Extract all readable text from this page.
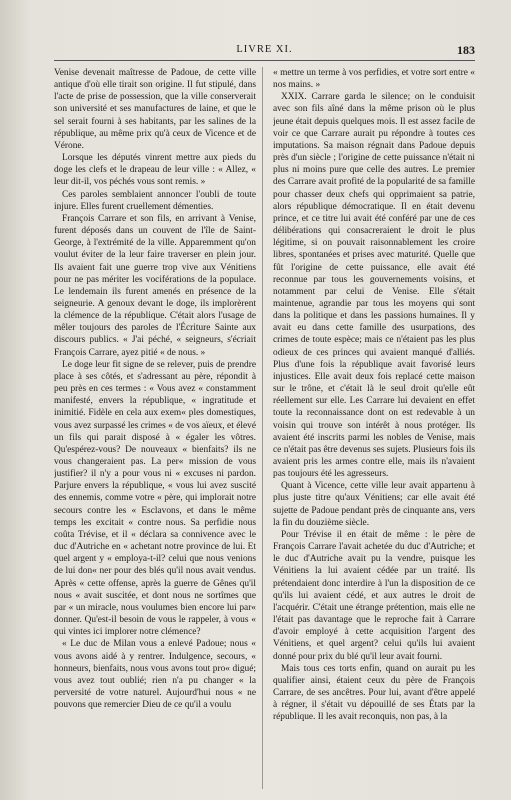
LIVRE XI.	183

Venise devenait maîtresse de Padoue, de cette ville antique d'où elle tirait son origine. Il fut stipulé, dans l'acte de prise de possession, que la ville conserverait son université et ses manufactures de laine, et que le sel serait fourni à ses habitants, par les salines de la république, au même prix qu'à ceux de Vicence et de Vérone.

Lorsque les députés vinrent mettre aux pieds du doge les clefs et le drapeau de leur ville : « Allez, « leur dit-il, vos péchés vous sont remis. »

Ces paroles semblaient annoncer l'oubli de toute injure. Elles furent cruellement démenties.

François Carrare et son fils, en arrivant à Venise, furent déposés dans un couvent de l'île de Saint-George, à l'extrémité de la ville. Apparemment qu'on voulut éviter de la leur faire traverser en plein jour. Ils avaient fait une guerre trop vive aux Vénitiens pour ne pas mériter les vociférations de la populace. Le lendemain ils furent amenés en présence de la seigneurie. A genoux devant le doge, ils implorèrent la clémence de la république. C'était alors l'usage de mêler toujours des paroles de l'Écriture Sainte aux discours publics. « J'ai péché, « seigneurs, s'écriait François Carrare, ayez pitié « de nous. »

Le doge leur fit signe de se relever, puis de prendre place à ses côtés, et s'adressant au père, répondit à peu près en ces termes : « Vous avez « constamment manifesté, envers la république, « ingratitude et inimitié. Fidèle en cela aux exem« ples domestiques, vous avez surpassé les crimes « de vos aïeux, et élevé un fils qui parait disposé à « égaler les vôtres. Qu'espérez-vous? De nouveaux « bienfaits? ils ne vous changeraient pas. La per« mission de vous justifier? il n'y a pour vous ni « excuses ni pardon. Parjure envers la république, « vous lui avez suscité des ennemis, comme votre « père, qui implorait notre secours contre les « Esclavons, et dans le même temps les excitait « contre nous. Sa perfidie nous coûta Trévise, et il « déclara sa connivence avec le duc d'Autriche en « achetant notre province de lui. Et quel argent y « employa-t-il? celui que nous venions de lui don« ner pour des blés qu'il nous avait vendus. Après « cette offense, après la guerre de Gênes qu'il nous « avait suscitée, et dont nous ne sortîmes que par « un miracle, nous voulumes bien encore lui par« donner. Qu'est-il besoin de vous le rappeler, à vous « qui vintes ici implorer notre clémence?

« Le duc de Milan vous a enlevé Padoue; nous « vous avons aidé à y rentrer. Indulgence, secours, « honneurs, bienfaits, nous vous avons tout pro« digué; vous avez tout oublié; rien n'a pu changer « la perversité de votre naturel. Aujourd'hui nous « ne pouvons que remercier Dieu de ce qu'il a voulu

« mettre un terme à vos perfidies, et votre sort entre « nos mains. »

XXIX. Carrare garda le silence; on le conduisit avec son fils aîné dans la même prison où le plus jeune était depuis quelques mois. Il est assez facile de voir ce que Carrare aurait pu répondre à toutes ces imputations. Sa maison régnait dans Padoue depuis près d'un siècle ; l'origine de cette puissance n'était ni plus ni moins pure que celle des autres. Le premier des Carrare avait profité de la popularité de sa famille pour chasser deux chefs qui opprimaient sa patrie, alors république démocratique. Il en était devenu prince, et ce titre lui avait été conféré par une de ces délibérations qui consacreraient le droit le plus légitime, si on pouvait raisonnablement les croire libres, spontanées et prises avec maturité. Quelle que fût l'origine de cette puissance, elle avait été reconnue par tous les gouvernements voisins, et notamment par celui de Venise. Elle s'était maintenue, agrandie par tous les moyens qui sont dans la politique et dans les passions humaines. Il y avait eu dans cette famille des usurpations, des crimes de toute espèce; mais ce n'étaient pas les plus odieux de ces princes qui avaient manqué d'alliés. Plus d'une fois la république avait favorisé leurs injustices. Elle avait deux fois replacé cette maison sur le trône, et c'était là le seul droit qu'elle eût réellement sur elle. Les Carrare lui devaient en effet toute la reconnaissance dont on est redevable à un voisin qui trouve son intérêt à nous protéger. Ils avaient été inscrits parmi les nobles de Venise, mais ce n'était pas être devenus ses sujets. Plusieurs fois ils avaient pris les armes contre elle, mais ils n'avaient pas toujours été les agresseurs.

Quant à Vicence, cette ville leur avait appartenu à plus juste titre qu'aux Vénitiens; car elle avait été sujette de Padoue pendant près de cinquante ans, vers la fin du douzième siècle.

Pour Trévise il en était de même : le père de François Carrare l'avait achetée du duc d'Autriche; et le duc d'Autriche avait pu la vendre, puisque les Vénitiens la lui avaient cédée par un traité. Ils prétendaient donc interdire à l'un la disposition de ce qu'ils lui avaient cédé, et aux autres le droit de l'acquérir. C'était une étrange prétention, mais elle ne l'était pas davantage que le reproche fait à Carrare d'avoir employé à cette acquisition l'argent des Vénitiens, et quel argent? celui qu'ils lui avaient donné pour prix du blé qu'il leur avait fourni.

Mais tous ces torts enfin, quand on aurait pu les qualifier ainsi, étaient ceux du père de François Carrare, de ses ancêtres. Pour lui, avant d'être appelé à régner, il s'était vu dépouillé de ses États par la république. Il les avait reconquis, non pas, à la
